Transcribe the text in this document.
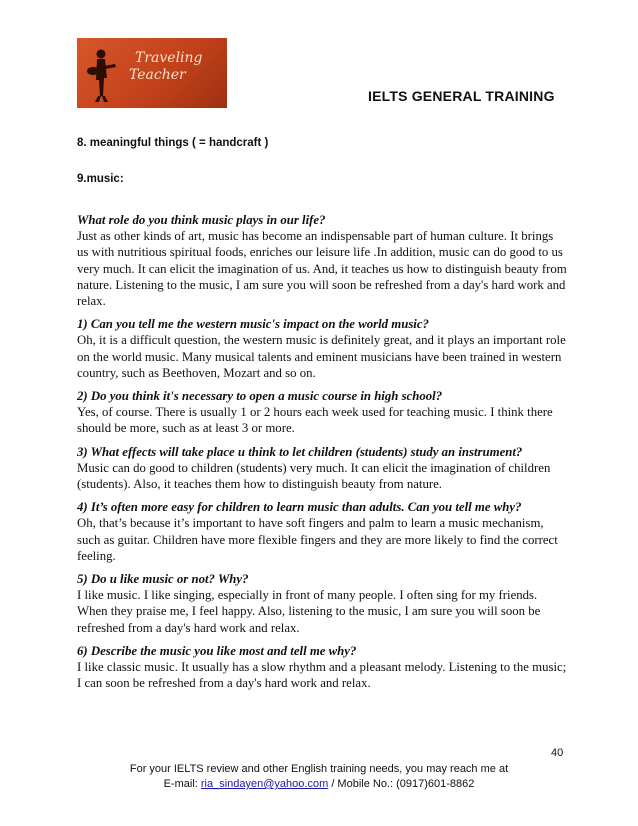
Traveling
Teacher
IELTS GENERAL TRAINING
8. meaningful things ( = handcraft )
9.music:
What role do you think music plays in our life?
Just as other kinds of art, music has become an indispensable part of human culture. It brings us with nutritious spiritual foods, enriches our leisure life .In addition, music can do good to us very much. It can elicit the imagination of us. And, it teaches us how to distinguish beauty from nature. Listening to the music, I am sure you will soon be refreshed from a day's hard work and relax.
1) Can you tell me the western music's impact on the world music?
Oh, it is a difficult question, the western music is definitely great, and it plays an important role on the world music. Many musical talents and eminent musicians have been trained in western country, such as Beethoven, Mozart and so on.
2) Do you think it's necessary to open a music course in high school?
Yes, of course. There is usually 1 or 2 hours each week used for teaching music. I think there should be more, such as at least 3 or more.
3) What effects will take place u think to let children (students) study an instrument?
Music can do good to children (students) very much. It can elicit the imagination of children (students). Also, it teaches them how to distinguish beauty from nature.
4) It’s often more easy for children to learn music than adults. Can you tell me why?
Oh, that’s because it’s important to have soft fingers and palm to learn a music mechanism, such as guitar. Children have more flexible fingers and they are more likely to find the correct feeling.
5) Do u like music or not? Why?
I like music. I like singing, especially in front of many people. I often sing for my friends. When they praise me, I feel happy. Also, listening to the music, I am sure you will soon be refreshed from a day's hard work and relax.
6) Describe the music you like most and tell me why?
I like classic music. It usually has a slow rhythm and a pleasant melody. Listening to the music; I can soon be refreshed from a day's hard work and relax.
40
For your IELTS review and other English training needs, you may reach me at
E-mail: ria_sindayen@yahoo.com / Mobile No.: (0917)601-8862
